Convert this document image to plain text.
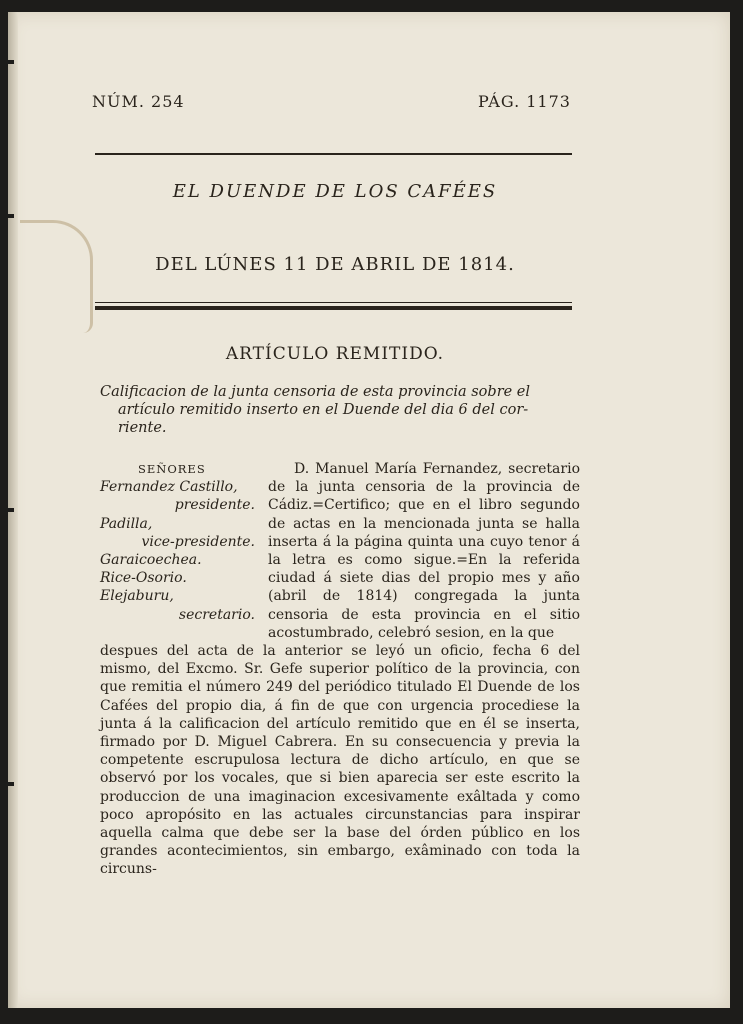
NÚM. 254	PÁG. 1173
EL DUENDE DE LOS CAFÉES
DEL LÚNES 11 DE ABRIL DE 1814.
ARTÍCULO REMITIDO.
Calificacion de la junta censoria de esta provincia sobre el
artículo remitido inserto en el Duende del dia 6 del cor-
riente.
SEÑORES
Fernandez Castillo,
presidente.
Padilla,
vice-presidente.
Garaicoechea.
Rice-Osorio.
Elejaburu,
secretario.

D. Manuel María Fernandez, secretario de la junta censoria de la provincia de Cádiz.=Certifico; que en el libro segundo de actas en la mencionada junta se halla inserta á la página quinta una cuyo tenor á la letra es como sigue.=En la referida ciudad á siete dias del propio mes y año (abril de 1814) congregada la junta censoria de esta provincia en el sitio acostumbrado, celebró sesion, en la que

despues del acta de la anterior se leyó un oficio, fecha 6 del mismo, del Excmo. Sr. Gefe superior político de la provincia, con que remitia el número 249 del periódico titulado El Duende de los Cafées del propio dia, á fin de que con urgencia procediese la junta á la calificacion del artículo remitido que en él se inserta, firmado por D. Miguel Cabrera. En su consecuencia y previa la competente escrupulosa lectura de dicho artículo, en que se observó por los vocales, que si bien aparecia ser este escrito la produccion de una imaginacion excesivamente exâltada y como poco apropósito en las actuales circunstancias para inspirar aquella calma que debe ser la base del órden público en los grandes acontecimientos, sin embargo, exâminado con toda la circuns-
